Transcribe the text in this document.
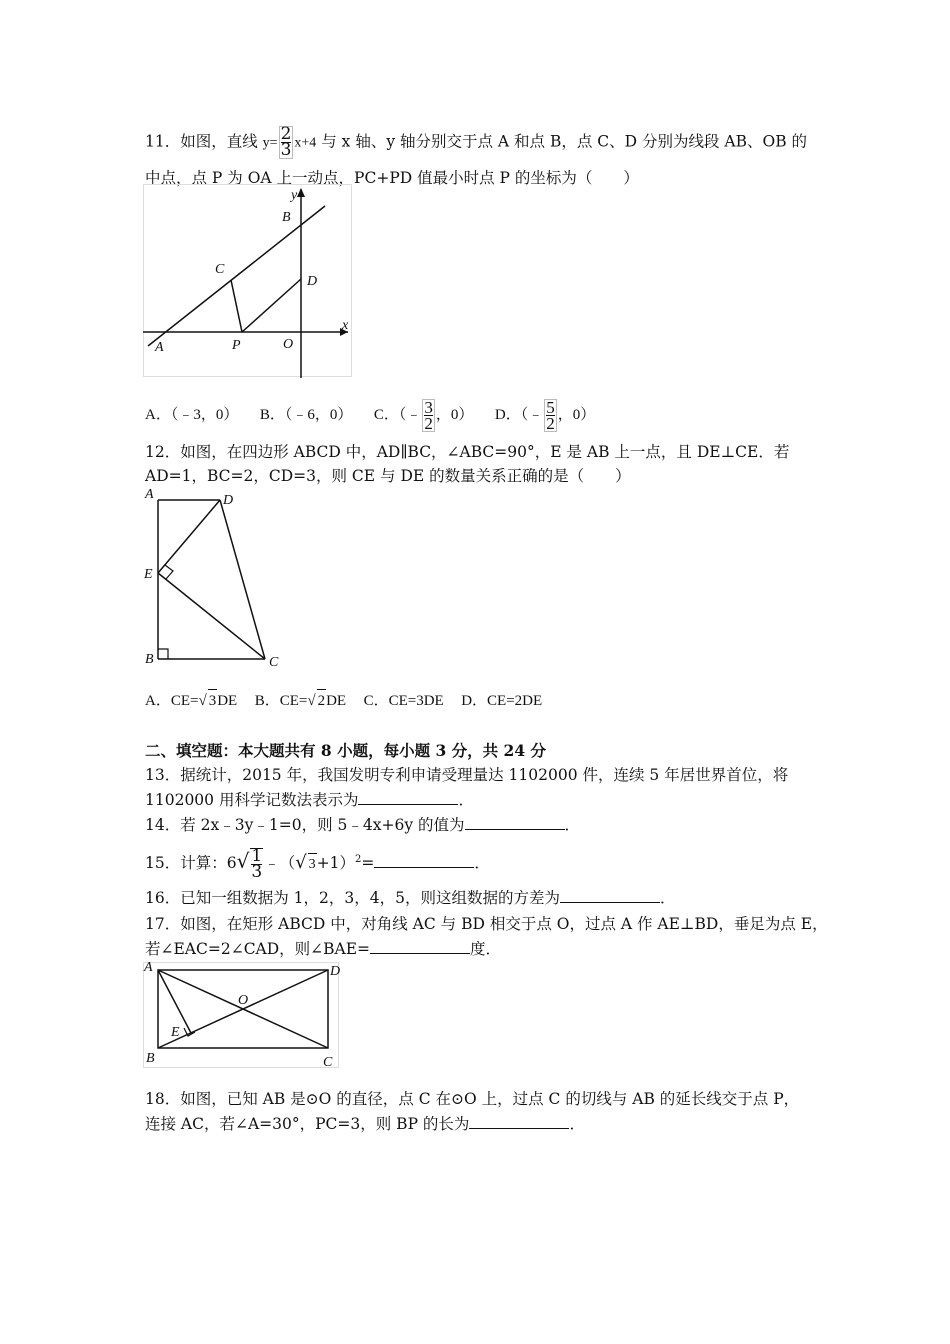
11．如图，直线 $y= \frac{2}{3} x+4$ 与 x 轴、y 轴分别交于点 A 和点 B，点 C、D 分别为线段 AB、OB 的
中点，点 P 为 OA 上一动点，PC+PD 值最小时点 P 的坐标为（　　）
y
B
C
D
x
A	P	O
A．（﹣3，0） B．（﹣6，0） C．（﹣ $\frac{3}{2}$ ，0） D．（﹣ $\frac{5}{2}$ ，0）
12．如图，在四边形 ABCD 中，AD∥BC，∠ABC=90°，E 是 AB 上一点，且 DE⊥CE．若
AD=1，BC=2，CD=3，则 CE 与 DE 的数量关系正确的是（　　）
A	D
E
B	C
A．CE=√ 3DE B．CE=√ 2DE C．CE=3DE D．CE=2DE
二、填空题：本大题共有 8 小题，每小题 3 分，共 24 分
13．据统计，2015 年，我国发明专利申请受理量达 1102000 件，连续 5 年居世界首位，将
1102000 用科学记数法表示为	．
14．若 2x﹣3y﹣1=0，则 5﹣4x+6y 的值为	．
15．计算：$6√ \frac{1}{3}$ ﹣（√ 3+1）$^2$=	．
16．已知一组数据为 1，2，3，4，5，则这组数据的方差为	．
17．如图，在矩形 ABCD 中，对角线 AC 与 BD 相交于点 O，过点 A 作 AE⊥BD，垂足为点 E，
若∠EAC=2∠CAD，则∠BAE=	度．
A	D
O
E
B	C
18．如图，已知 AB 是⊙O 的直径，点 C 在⊙O 上，过点 C 的切线与 AB 的延长线交于点 P，
连接 AC，若∠A=30°，PC=3，则 BP 的长为	．
